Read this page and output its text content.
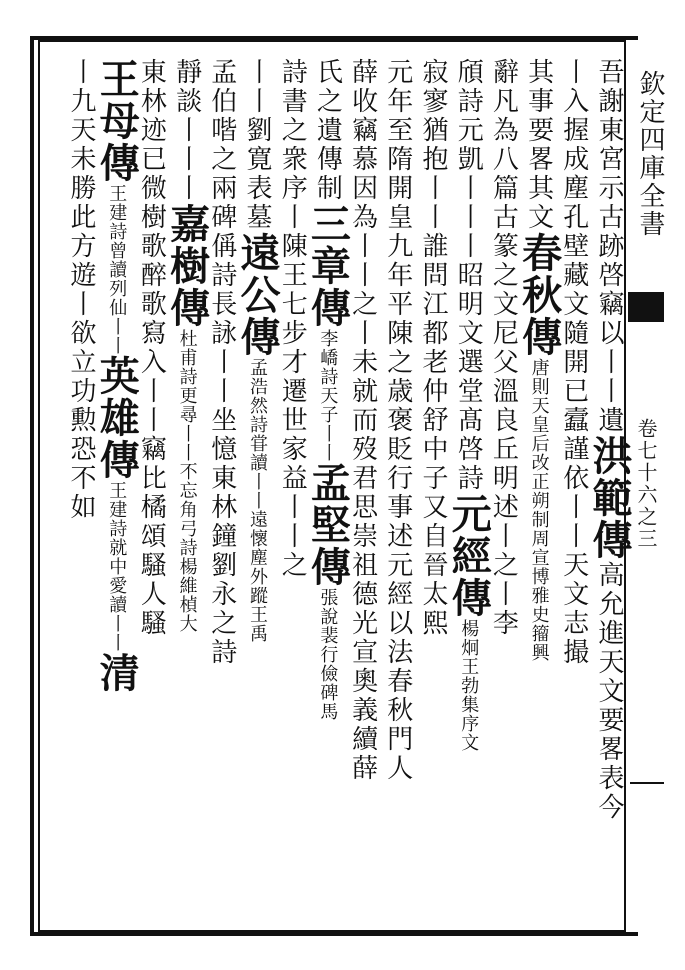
欽定四庫全書
卷七十六之三
吾謝東宮示古跡啓竊以丨丨遺洪範傳高允進天文要畧表今
丨入握成塵孔壁藏文隨開已蠧謹依丨丨天文志撮
其事要畧其文春秋傳唐則天皇后改正朔制周宣博雅史籀興
辭凡為八篇古篆之文尼父溫良丘明述丨之丨李
頎詩元凱丨丨丨昭明文選堂髙啓詩元經傳楊炯王勃集序文
寂寥猶抱丨丨誰問江都老仲舒中子又自晉太熙
元年至隋開皇九年平陳之歳褒貶行事述元經以法春秋門人
薛收竊慕因為丨丨之丨未就而歿君思崇祖德光宣奧義續薛
氏之遺傳制三章傳李嶠詩天子丨丨孟堅傳張說裴行儉碑馬
詩書之衆序丨陳王七步才遷世家益丨丨之
丨丨劉寛表墓遠公傳孟浩然詩甞讀丨丨遠懷塵外蹤王禹
孟伯喈之兩碑偁詩長詠丨丨坐憶東林鐘劉永之詩
靜談丨丨丨嘉樹傳杜甫詩更尋丨丨不忘角弓詩楊維楨大
東林迹已微樹歌醉歌寫入丨丨竊比橘頌騷人騷
王母傳王建詩曾讀列仙丨丨英雄傳王建詩就中愛讀丨丨清
丨九天未勝此方遊丨欲立功勲恐不如
